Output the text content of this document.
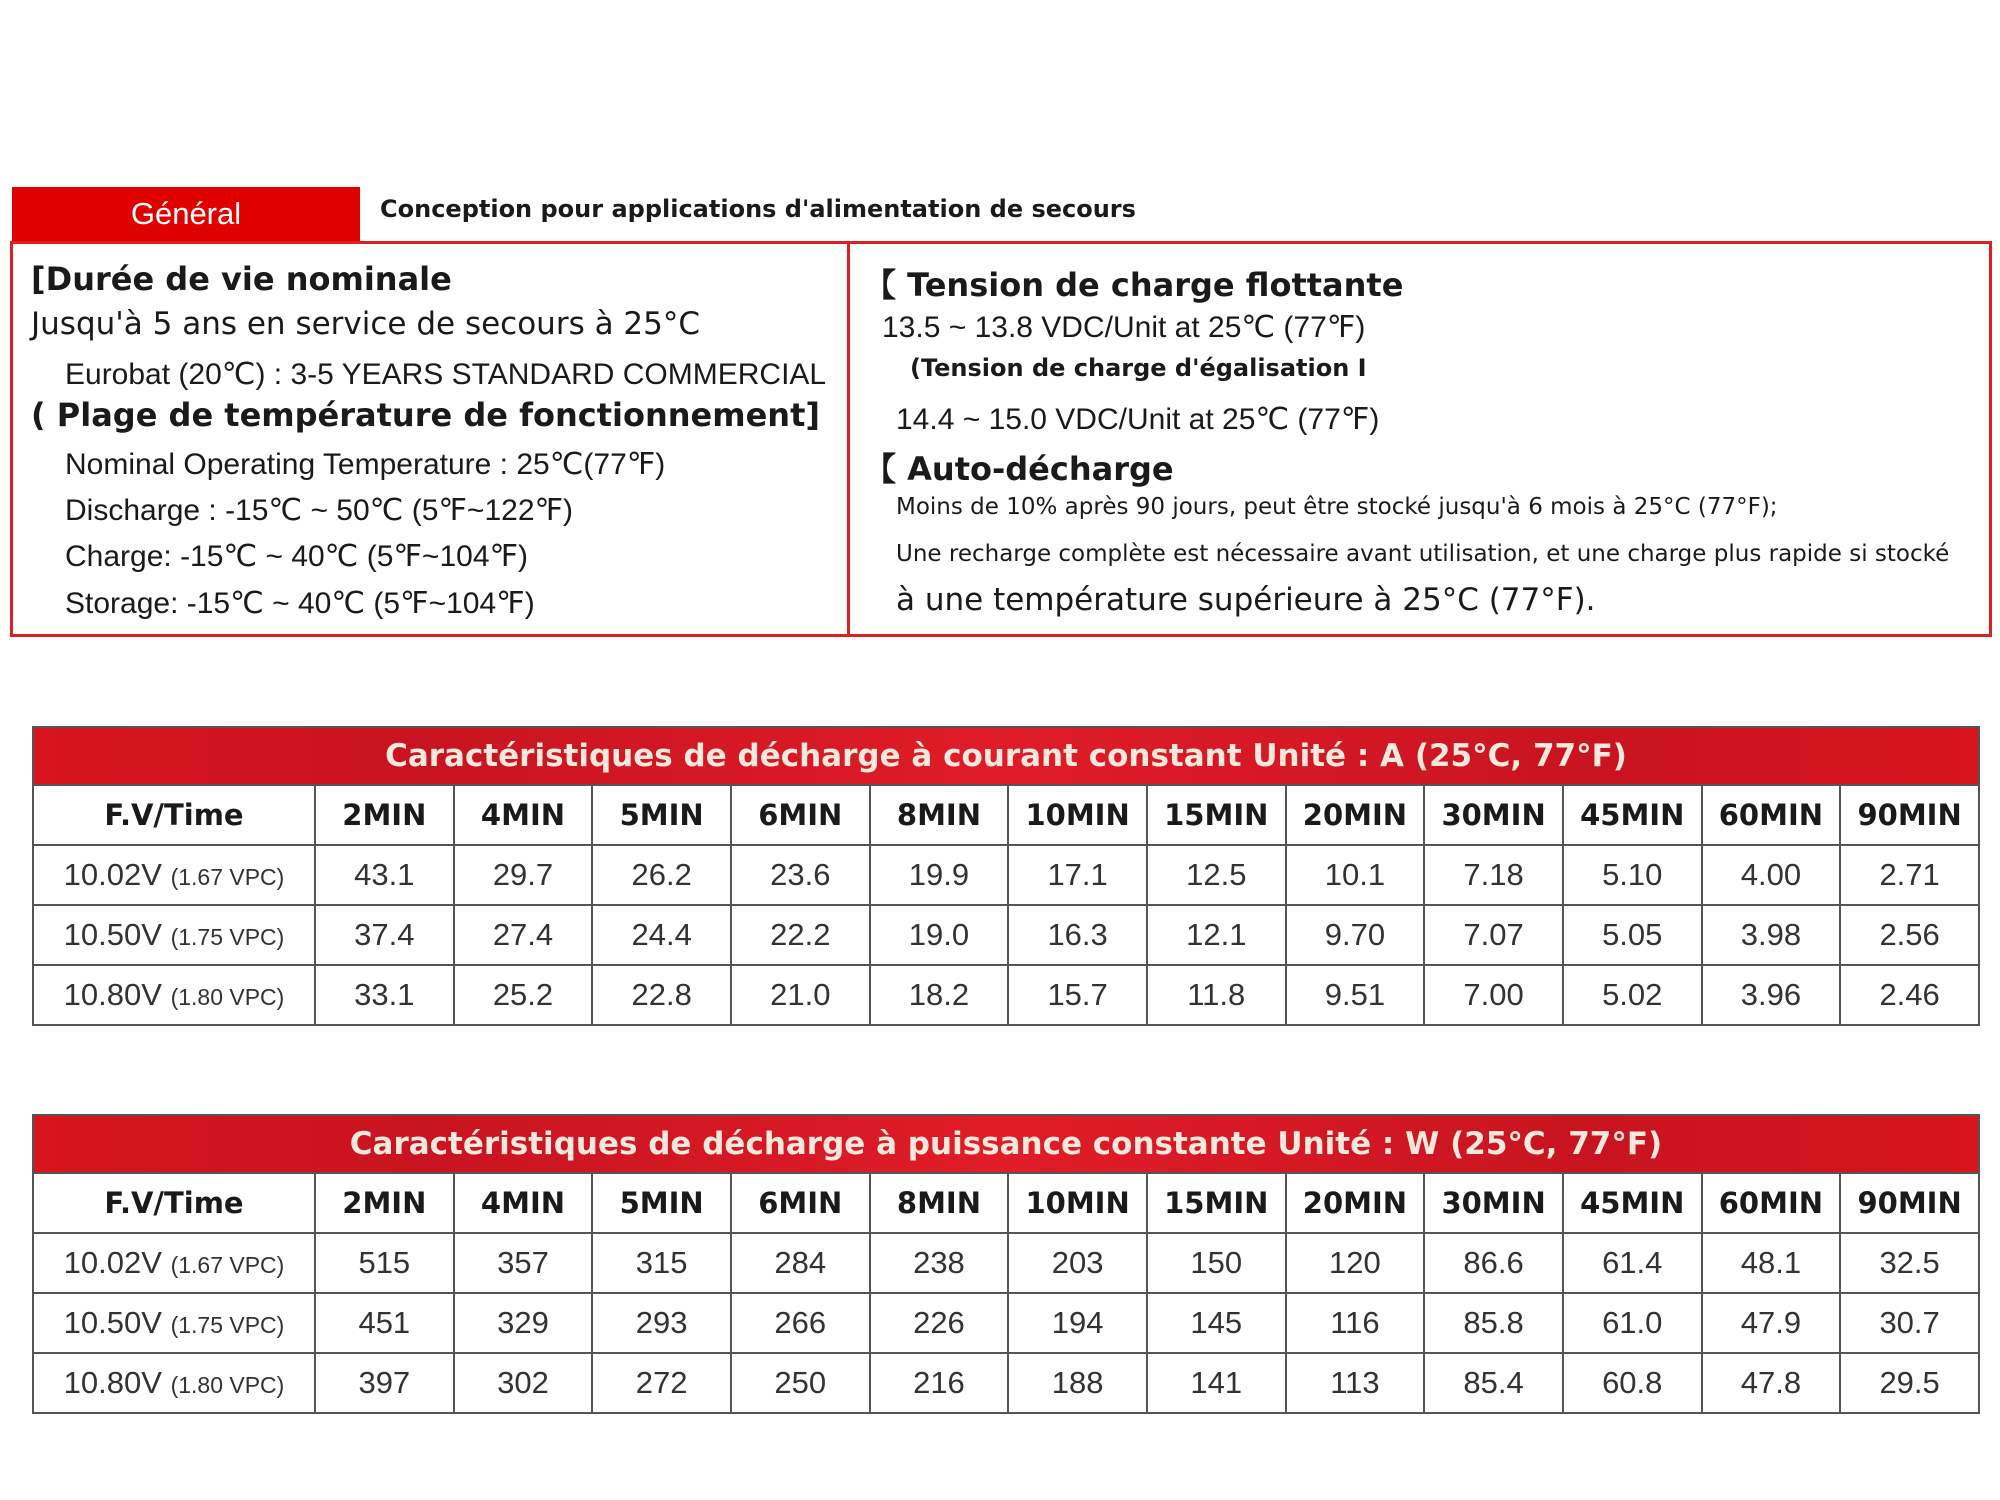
Général	Conception pour applications d'alimentation de secours
[Durée de vie nominale
Jusqu'à 5 ans en service de secours à 25°C
Eurobat (20℃) : 3-5 YEARS STANDARD COMMERCIAL
( Plage de température de fonctionnement]
Nominal Operating Temperature : 25℃(77℉)
Discharge : -15℃ ~ 50℃ (5℉~122℉)
Charge: -15℃ ~ 40℃ (5℉~104℉)
Storage: -15℃ ~ 40℃ (5℉~104℉)
【 Tension de charge flottante
13.5 ~ 13.8 VDC/Unit at 25℃ (77℉)
(Tension de charge d'égalisation I
14.4 ~ 15.0 VDC/Unit at 25℃ (77℉)
【 Auto-décharge
Moins de 10% après 90 jours, peut être stocké jusqu'à 6 mois à 25°C (77°F);
Une recharge complète est nécessaire avant utilisation, et une charge plus rapide si stocké
à une température supérieure à 25°C (77°F).
Caractéristiques de décharge à courant constant Unité : A (25°C, 77°F)
F.V/Time	2MIN	4MIN	5MIN	6MIN	8MIN	10MIN	15MIN	20MIN	30MIN	45MIN	60MIN	90MIN
10.02V (1.67 VPC)	43.1	29.7	26.2	23.6	19.9	17.1	12.5	10.1	7.18	5.10	4.00	2.71
10.50V (1.75 VPC)	37.4	27.4	24.4	22.2	19.0	16.3	12.1	9.70	7.07	5.05	3.98	2.56
10.80V (1.80 VPC)	33.1	25.2	22.8	21.0	18.2	15.7	11.8	9.51	7.00	5.02	3.96	2.46
Caractéristiques de décharge à puissance constante Unité : W (25°C, 77°F)
F.V/Time	2MIN	4MIN	5MIN	6MIN	8MIN	10MIN	15MIN	20MIN	30MIN	45MIN	60MIN	90MIN
10.02V (1.67 VPC)	515	357	315	284	238	203	150	120	86.6	61.4	48.1	32.5
10.50V (1.75 VPC)	451	329	293	266	226	194	145	116	85.8	61.0	47.9	30.7
10.80V (1.80 VPC)	397	302	272	250	216	188	141	113	85.4	60.8	47.8	29.5
